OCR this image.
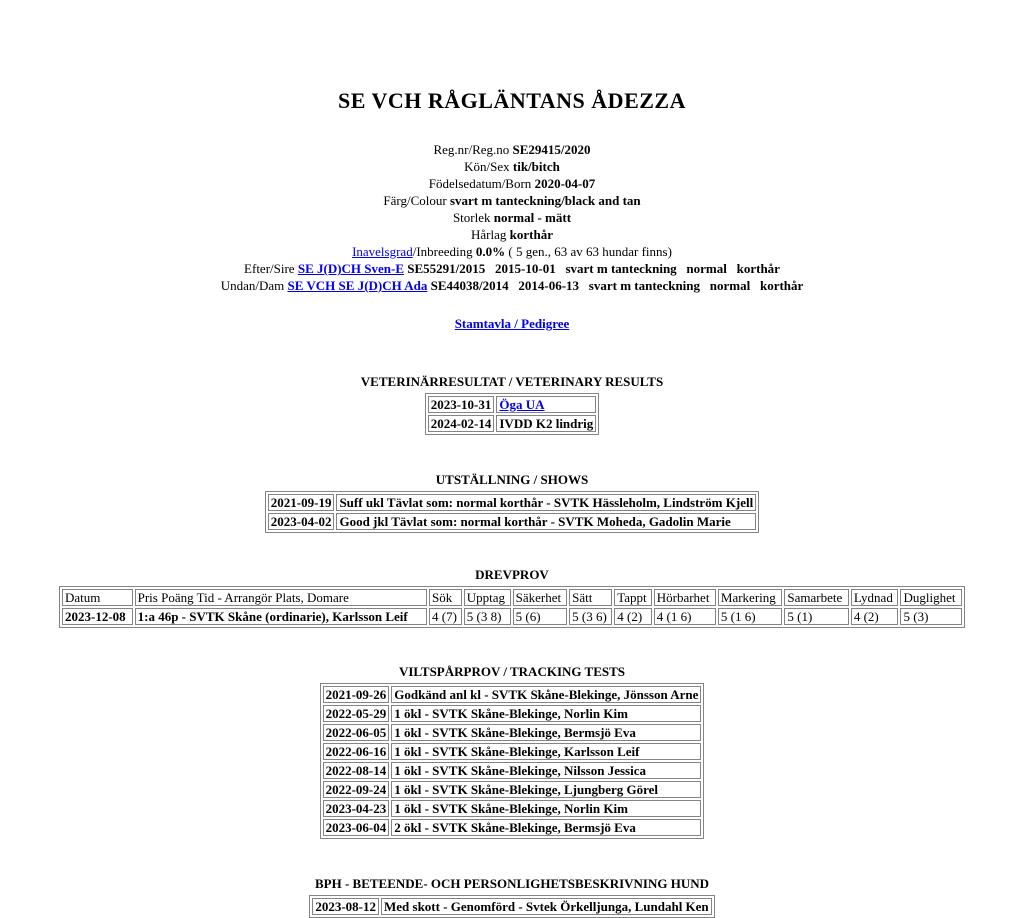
SE VCH RÅGLÄNTANS ÅDEZZA
Reg.nr/Reg.no SE29415/2020
Kön/Sex tik/bitch
Födelsedatum/Born 2020-04-07
Färg/Colour svart m tanteckning/black and tan
Storlek normal - mätt
Hårlag korthår
Inavelsgrad/Inbreeding 0.0% ( 5 gen., 63 av 63 hundar finns)
Efter/Sire SE J(D)CH Sven-E SE55291/2015   2015-10-01   svart m tanteckning   normal   korthår
Undan/Dam SE VCH SE J(D)CH Ada SE44038/2014   2014-06-13   svart m tanteckning   normal   korthår
Stamtavla / Pedigree
VETERINÄRRESULTAT / VETERINARY RESULTS
2023-10-31	Öga UA
2024-02-14	IVDD K2 lindrig
UTSTÄLLNING / SHOWS
2021-09-19	Suff ukl Tävlat som: normal korthår - SVTK Hässleholm, Lindström Kjell
2023-04-02	Good jkl Tävlat som: normal korthår - SVTK Moheda, Gadolin Marie
DREVPROV
Datum	Pris Poäng Tid - Arrangör Plats, Domare	Sök	Upptag	Säkerhet	Sätt	Tappt	Hörbarhet	Markering	Samarbete	Lydnad	Duglighet
2023-12-08	1:a 46p - SVTK Skåne (ordinarie), Karlsson Leif	4 (7)	5 (3 8)	5 (6)	5 (3 6)	4 (2)	4 (1 6)	5 (1 6)	5 (1)	4 (2)	5 (3)
VILTSPÅRPROV / TRACKING TESTS
2021-09-26	Godkänd anl kl - SVTK Skåne-Blekinge, Jönsson Arne
2022-05-29	1 ökl - SVTK Skåne-Blekinge, Norlin Kim
2022-06-05	1 ökl - SVTK Skåne-Blekinge, Bermsjö Eva
2022-06-16	1 ökl - SVTK Skåne-Blekinge, Karlsson Leif
2022-08-14	1 ökl - SVTK Skåne-Blekinge, Nilsson Jessica
2022-09-24	1 ökl - SVTK Skåne-Blekinge, Ljungberg Görel
2023-04-23	1 ökl - SVTK Skåne-Blekinge, Norlin Kim
2023-06-04	2 ökl - SVTK Skåne-Blekinge, Bermsjö Eva
BPH - BETEENDE- OCH PERSONLIGHETSBESKRIVNING HUND
2023-08-12	Med skott - Genomförd - Svtek Örkelljunga, Lundahl Ken
